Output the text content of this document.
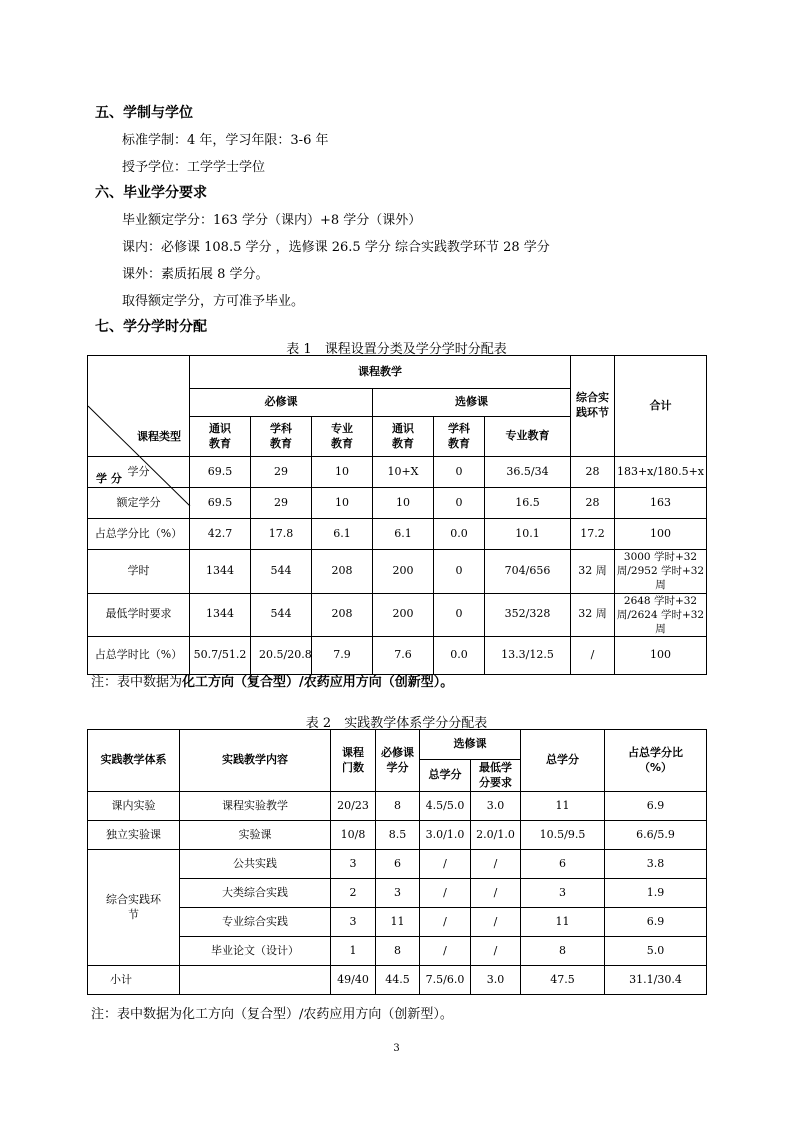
五、学制与学位
标准学制：4 年，学习年限：3-6 年
授予学位：工学学士学位
六、毕业学分要求
毕业额定学分：163 学分（课内）+8 学分（课外）
课内：必修课 108.5 学分 ，选修课 26.5 学分 综合实践教学环节 28 学分
课外：素质拓展 8 学分。
取得额定学分，方可准予毕业。
七、学分学时分配
表 1　课程设置分类及学分学时分配表
课程类型
学 分	课程教学						综合实践环节	合计
	必修课			选修课				
	通识教育	学科教育	专业教育	通识教育	学科教育	专业教育		
学分	69.5	29	10	10+X	0	36.5/34	28	183+x/180.5+x
额定学分	69.5	29	10	10	0	16.5	28	163
占总学分比（%）	42.7	17.8	6.1	6.1	0.0	10.1	17.2	100
学时	1344	544	208	200	0	704/656	32 周	3000 学时+32 周/2952 学时+32 周
最低学时要求	1344	544	208	200	0	352/328	32 周	2648 学时+32 周/2624 学时+32 周
占总学时比（%）	50.7/51.2	20.5/20.8	7.9	7.6	0.0	13.3/12.5	/	100
注：表中数据为化工方向（复合型）/农药应用方向（创新型）。
表 2　实践教学体系学分分配表
实践教学体系	实践教学内容	课程门数	必修课学分	选修课		总学分	占总学分比（%）
				总学分	最低学分要求		
课内实验	课程实验教学	20/23	8	4.5/5.0	3.0	11	6.9
独立实验课	实验课	10/8	8.5	3.0/1.0	2.0/1.0	10.5/9.5	6.6/5.9
综合实践环节	公共实践	3	6	/	/	6	3.8
	大类综合实践	2	3	/	/	3	1.9
	专业综合实践	3	11	/	/	11	6.9
	毕业论文（设计）	1	8	/	/	8	5.0
小计		49/40	44.5	7.5/6.0	3.0	47.5	31.1/30.4
注：表中数据为化工方向（复合型）/农药应用方向（创新型）。
3
